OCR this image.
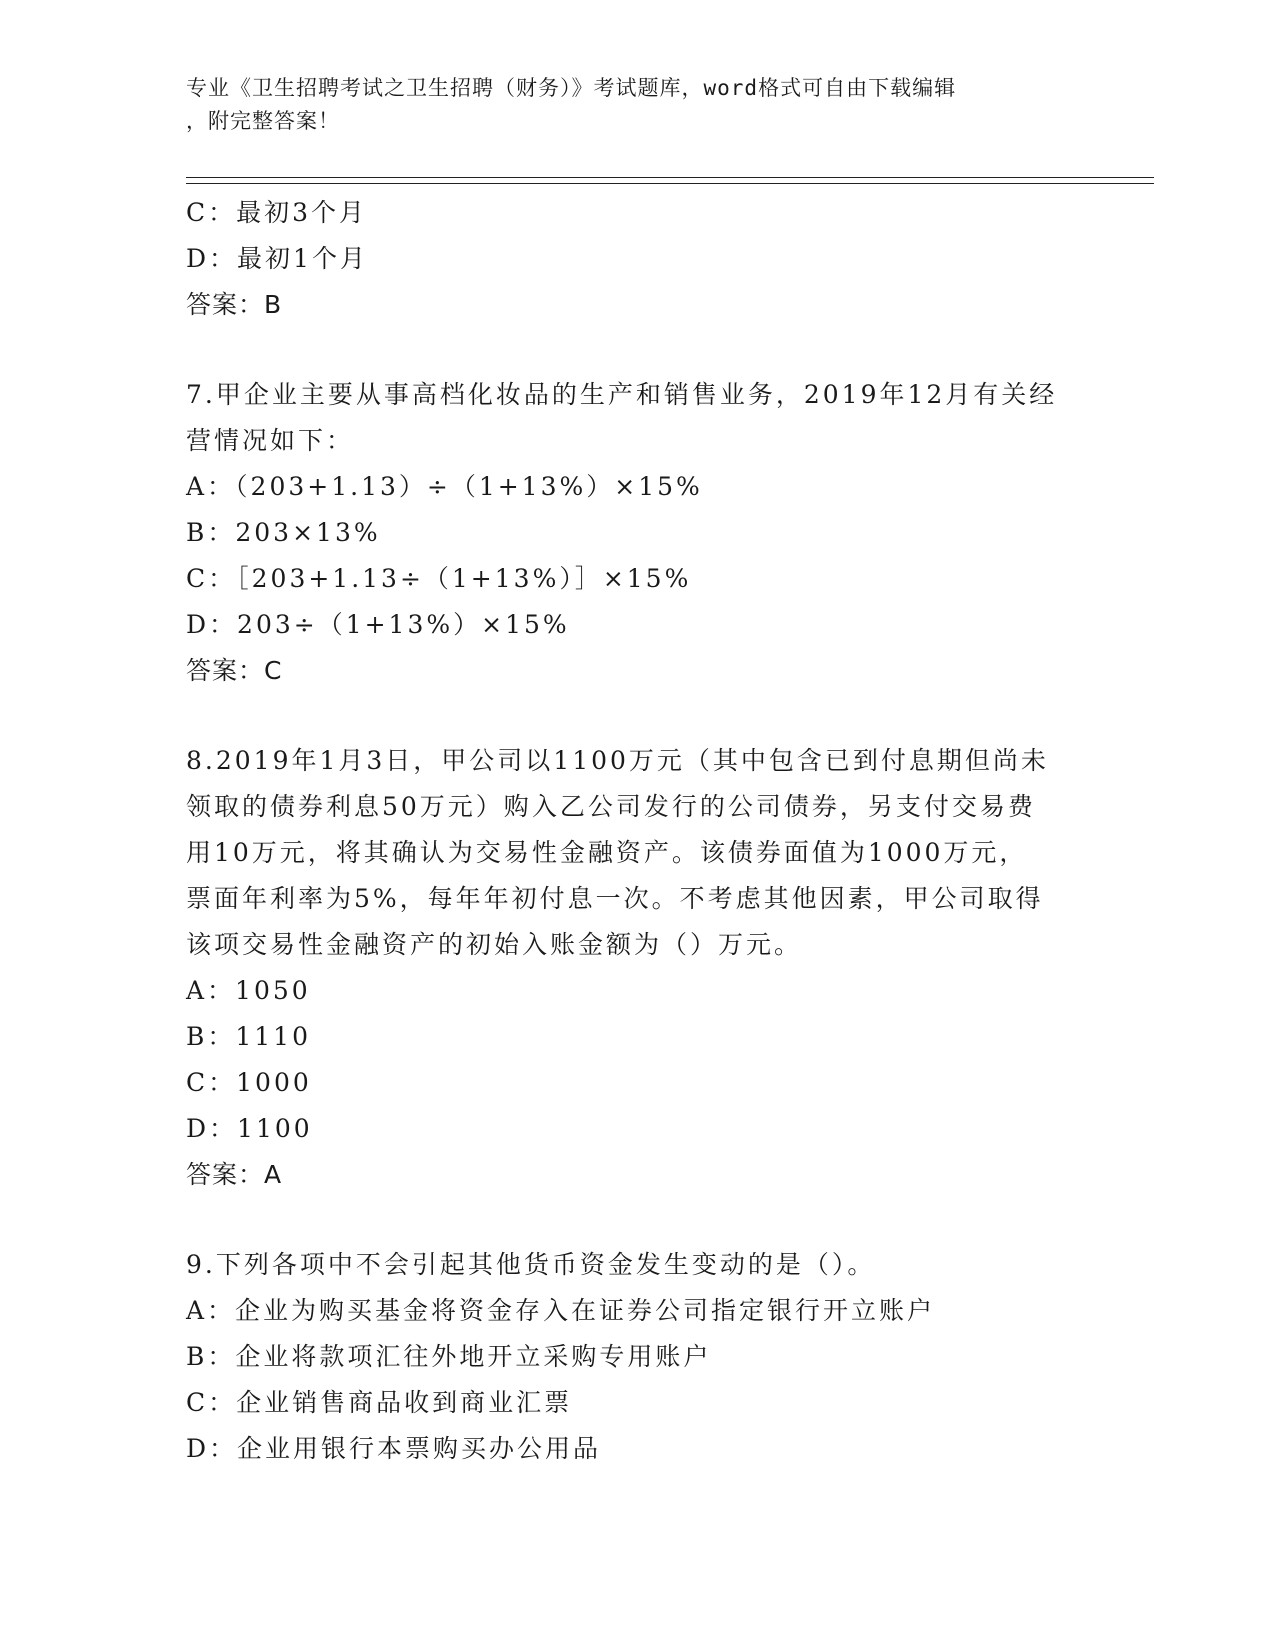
专业《卫生招聘考试之卫生招聘（财务）》考试题库，word格式可自由下载编辑
，附完整答案！
C：最初3个月
D：最初1个月
答案：B
7.甲企业主要从事高档化妆品的生产和销售业务，2019年12月有关经
营情况如下：
A：（203+1.13）÷（1+13%）×15%
B：203×13%
C：［203+1.13÷（1+13%）］×15%
D：203÷（1+13%）×15%
答案：C
8.2019年1月3日，甲公司以1100万元（其中包含已到付息期但尚未
领取的债券利息50万元）购入乙公司发行的公司债券，另支付交易费
用10万元，将其确认为交易性金融资产。该债券面值为1000万元，
票面年利率为5%，每年年初付息一次。不考虑其他因素，甲公司取得
该项交易性金融资产的初始入账金额为（）万元。
A：1050
B：1110
C：1000
D：1100
答案：A
9.下列各项中不会引起其他货币资金发生变动的是（）。
A：企业为购买基金将资金存入在证券公司指定银行开立账户
B：企业将款项汇往外地开立采购专用账户
C：企业销售商品收到商业汇票
D：企业用银行本票购买办公用品
